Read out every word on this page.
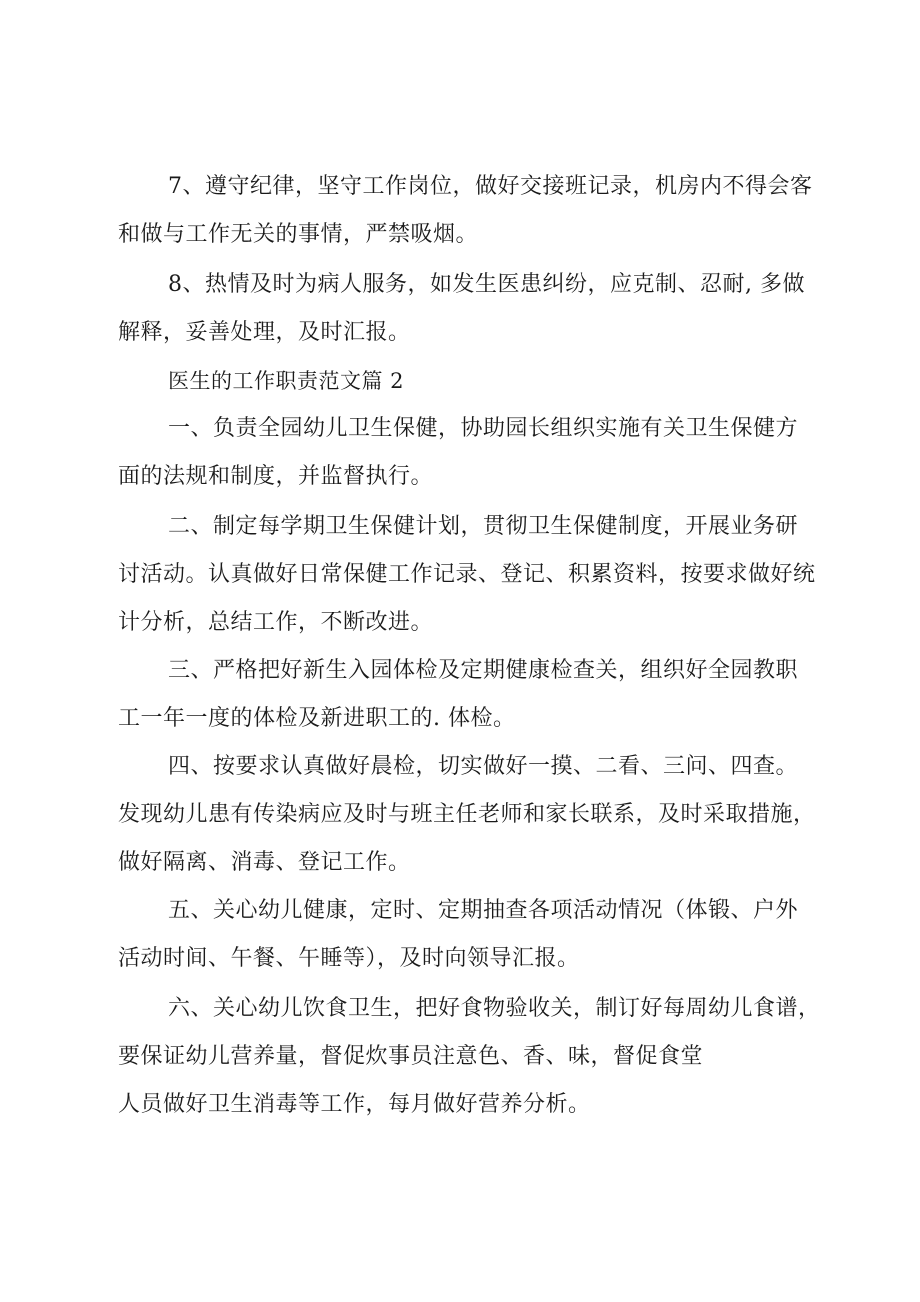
7、遵守纪律，坚守工作岗位，做好交接班记录，机房内不得会客
和做与工作无关的事情，严禁吸烟。
8、热情及时为病人服务，如发生医患纠纷，应克制、忍耐, 多做
解释，妥善处理，及时汇报。
医生的工作职责范文篇 2
一、负责全园幼儿卫生保健，协助园长组织实施有关卫生保健方
面的法规和制度，并监督执行。
二、制定每学期卫生保健计划，贯彻卫生保健制度，开展业务研
讨活动。认真做好日常保健工作记录、登记、积累资料，按要求做好统
计分析，总结工作，不断改进。
三、严格把好新生入园体检及定期健康检查关，组织好全园教职
工一年一度的体检及新进职工的. 体检。
四、按要求认真做好晨检，切实做好一摸、二看、三问、四查。
发现幼儿患有传染病应及时与班主任老师和家长联系，及时采取措施，
做好隔离、消毒、登记工作。
五、关心幼儿健康，定时、定期抽查各项活动情况（体锻、户外
活动时间、午餐、午睡等），及时向领导汇报。
六、关心幼儿饮食卫生，把好食物验收关，制订好每周幼儿食谱，
要保证幼儿营养量，督促炊事员注意色、香、味，督促食堂
人员做好卫生消毒等工作，每月做好营养分析。
